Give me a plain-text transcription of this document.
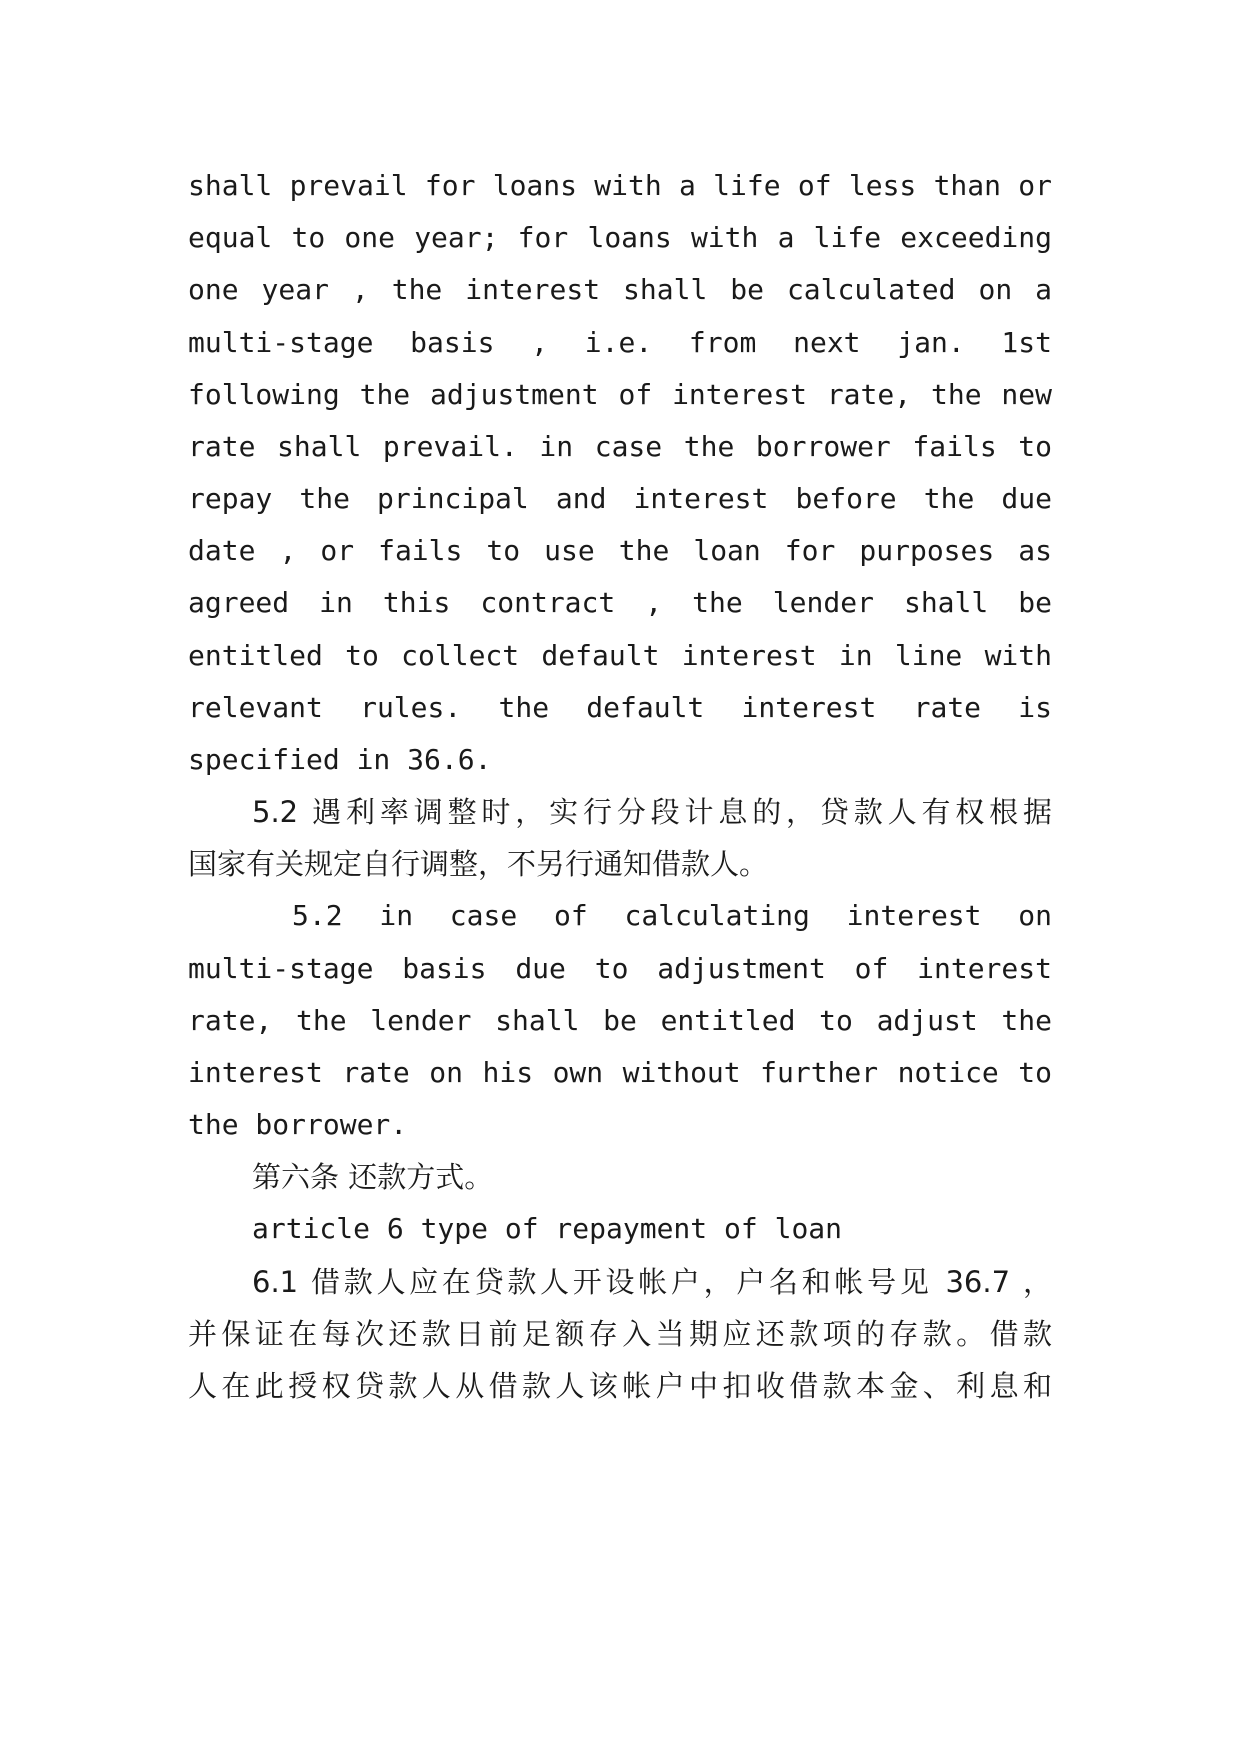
shall prevail for loans with a life of less than or
equal to one year; for loans with a life exceeding
one year , the interest shall be calculated on a
multi-stage basis , i.e. from next jan. 1st
following the adjustment of interest rate, the new
rate shall prevail. in case the borrower fails to
repay the principal and interest before the due
date , or fails to use the loan for purposes as
agreed in this contract , the lender shall be
entitled to collect default interest in line with
relevant rules. the default interest rate is
specified in 36.6.
5.2 遇利率调整时，实行分段计息的，贷款人有权根据
国家有关规定自行调整，不另行通知借款人。
5.2 in case of calculating interest on
multi-stage basis due to adjustment of interest
rate, the lender shall be entitled to adjust the
interest rate on his own without further notice to
the borrower.
第六条 还款方式。
article 6 type of repayment of loan
6.1 借款人应在贷款人开设帐户，户名和帐号见 36.7 ，
并保证在每次还款日前足额存入当期应还款项的存款。借款
人在此授权贷款人从借款人该帐户中扣收借款本金、利息和
